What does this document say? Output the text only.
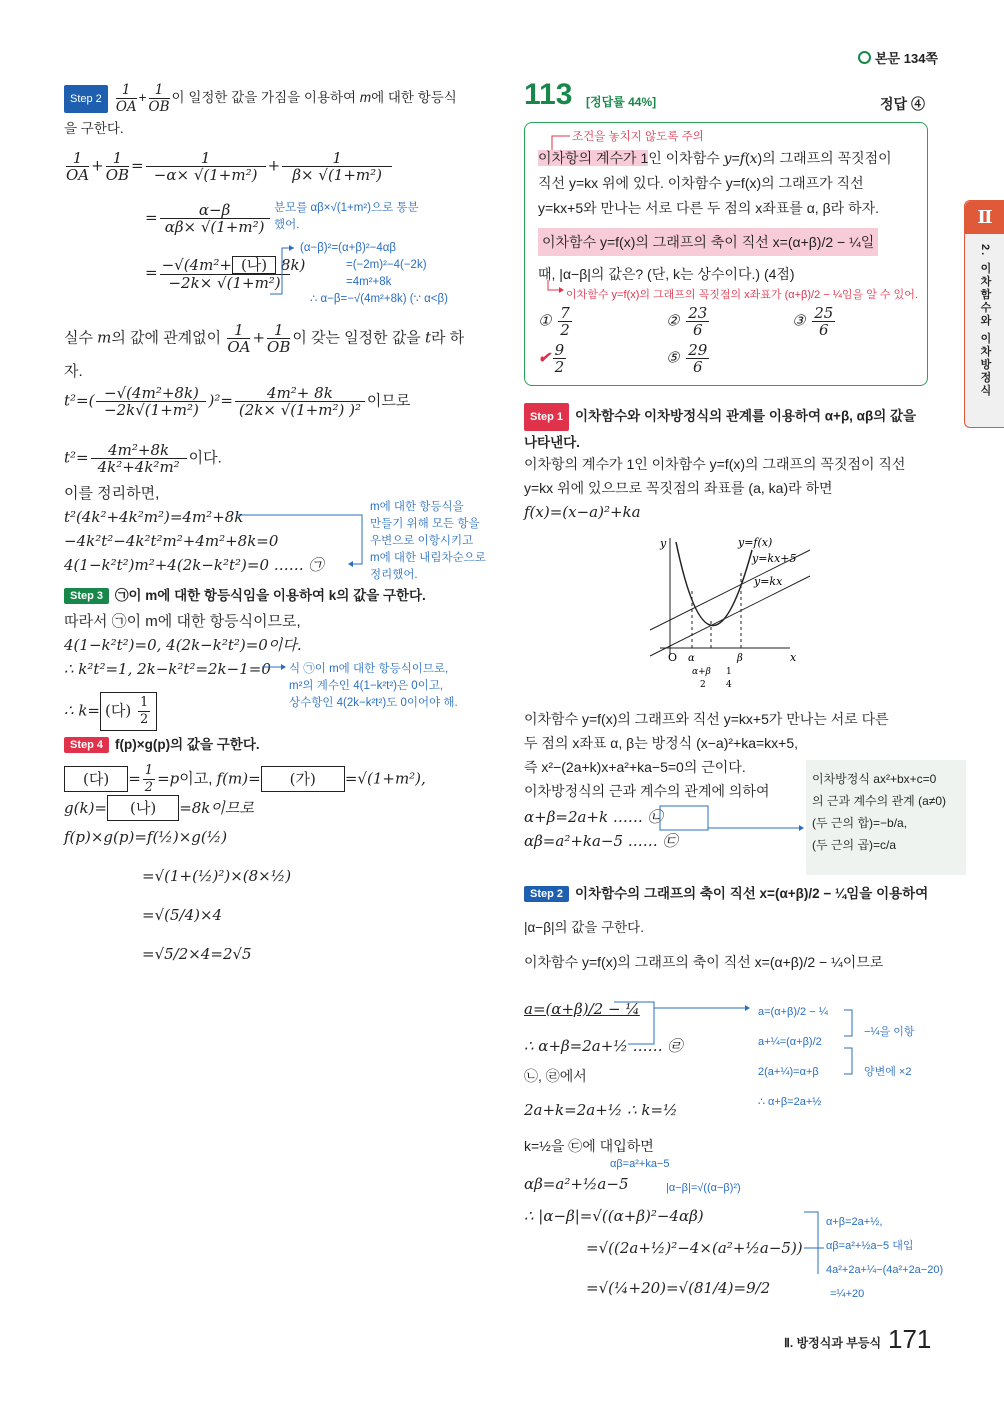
본문 134쪽
Step $2 \frac{1}{OA} + \frac{1}{OB}$ 이 일정한 값을 가짐을 이용하여 m에 대한 항등식
을 구한다.
$\frac{1}{OA} + \frac{1}{OB} = \frac{1}{\text{−α× √(1+m²)}} + \frac{1}{\text{β× √(1+m²)}}$
= $\frac{\alpha-\beta}{\text{αβ× √(1+m²)}}$ 분모를 αβ×√(1+m²)으로 통분했어.
= $\frac{\text{−√(4m²+ (나) 8k)}}{\text{−2k× √(1+m²)}}$
(α−β)²=(α+β)²−4αβ
=(−2m)²−4(−2k)
=4m²+8k
∴ α−β=−√(4m²+8k) (∵ α<β)
실수 m의 값에 관계없이 $\frac{1}{OA} + \frac{1}{OB}$ 이 갖는 일정한 값을 t라 하
자.
$t^2=( \frac{\text{−√(4m²+8k)}}{\text{−2k√(1+m²)}} )^2= \frac{\text{4m²+ 8k}}{\text{(2k× √(1+m²) )²}}$ 이므로
$t^2= \frac{\text{4m²+8k}}{\text{4k²+4k²m²}}$ 이다.
이를 정리하면,
t²(4k²+4k²m²)=4m²+8k
−4k²t²−4k²t²m²+4m²+8k=0
4(1−k²t²)m²+4(2k−k²t²)=0 …… ㉠
m에 대한 항등식을
만들기 위해 모든 항을
우변으로 이항시키고
m에 대한 내림차순으로
정리했어.
Step 3 ㉠이 m에 대한 항등식임을 이용하여 k의 값을 구한다.
따라서 ㉠이 m에 대한 항등식이므로,
4(1−k²t²)=0, 4(2k−k²t²)=0이다.
∴ k²t²=1, 2k−k²t²=2k−1=0 식 ㉠이 m에 대한 항등식이므로,
m²의 계수인 4(1−k²t²)은 0이고,
상수항인 4(2k−k²t²)도 0이어야 해.
∴ k= (다) $\frac{1}{2}$
Step 4 f(p)×g(p)의 값을 구한다.
(다) = $\frac{1}{2} =p$이고, f(m)= (가) =√(1+m²),
g(k)= (나) =8k이므로
f(p)×g(p)=f(½)×g(½)
=√(1+(½)²)×(8×½)
=√(5/4)×4
=√5/2×4=2√5
113 [정답률 44%]	정답 ④
조건을 놓치지 않도록 주의
이차항의 계수가 1인 이차함수 y=f(x)의 그래프의 꼭짓점이
직선 y=kx 위에 있다. 이차함수 y=f(x)의 그래프가 직선
y=kx+5와 만나는 서로 다른 두 점의 x좌표를 α, β라 하자.
이차함수 y=f(x)의 그래프의 축이 직선 x=(α+β)/2 − ¼일
때, |α−β|의 값은? (단, k는 상수이다.) (4점)
이차함수 y=f(x)의 그래프의 꼭짓점의 x좌표가 (α+β)/2 − ¼임을 알 수 있어.
① $\frac{7}{2}$	② $\frac{23}{6}$	③ $\frac{25}{6}$
✔ $\frac{9}{2}$	⑤ $\frac{29}{6}$
Step 1 이차함수와 이차방정식의 관계를 이용하여 α+β, αβ의 값을 나타낸다.
이차항의 계수가 1인 이차함수 y=f(x)의 그래프의 꼭짓점이 직선
y=kx 위에 있으므로 꼭짓점의 좌표를 (a, ka)라 하면
f(x)=(x−a)²+ka
y
x
O α	β
α+β
2
1
4
y=f(x)
y=kx+5
y=kx
이차함수 y=f(x)의 그래프와 직선 y=kx+5가 만나는 서로 다른
두 점의 x좌표 α, β는 방정식 (x−a)²+ka=kx+5,
즉 x²−(2a+k)x+a²+ka−5=0의 근이다.
이차방정식의 근과 계수의 관계에 의하여
α+β=2a+k …… ㉡
αβ=a²+ka−5 …… ㉢
이차방정식 ax²+bx+c=0
의 근과 계수의 관계 (a≠0)
(두 근의 합)=−b/a,
(두 근의 곱)=c/a
Step 2 이차함수의 그래프의 축이 직선 x=(α+β)/2 − ¼임을 이용하여
|α−β|의 값을 구한다.
이차함수 y=f(x)의 그래프의 축이 직선 x=(α+β)/2 − ¼이므로
a=(α+β)/2 − ¼
∴ α+β=2a+½ …… ㉣
㉡, ㉣에서
2a+k=2a+½ ∴ k=½
a=(α+β)/2 − ¼
a+¼=(α+β)/2
2(a+¼)=α+β
∴ α+β=2a+½
−¼을 이항
양변에 ×2
k=½을 ㉢에 대입하면
αβ=a²+ka−5
αβ=a²+½a−5	|α−β|=√((α−β)²)
∴ |α−β|=√((α+β)²−4αβ)
=√((2a+½)²−4×(a²+½a−5))
=√(¼+20)=√(81/4)=9/2
α+β=2a+½,
αβ=a²+½a−5 대입
4a²+2a+¼−(4a²+2a−20)
=¼+20
Ⅱ
2. 이차함수와 이차방정식
Ⅱ. 방정식과 부등식 171
